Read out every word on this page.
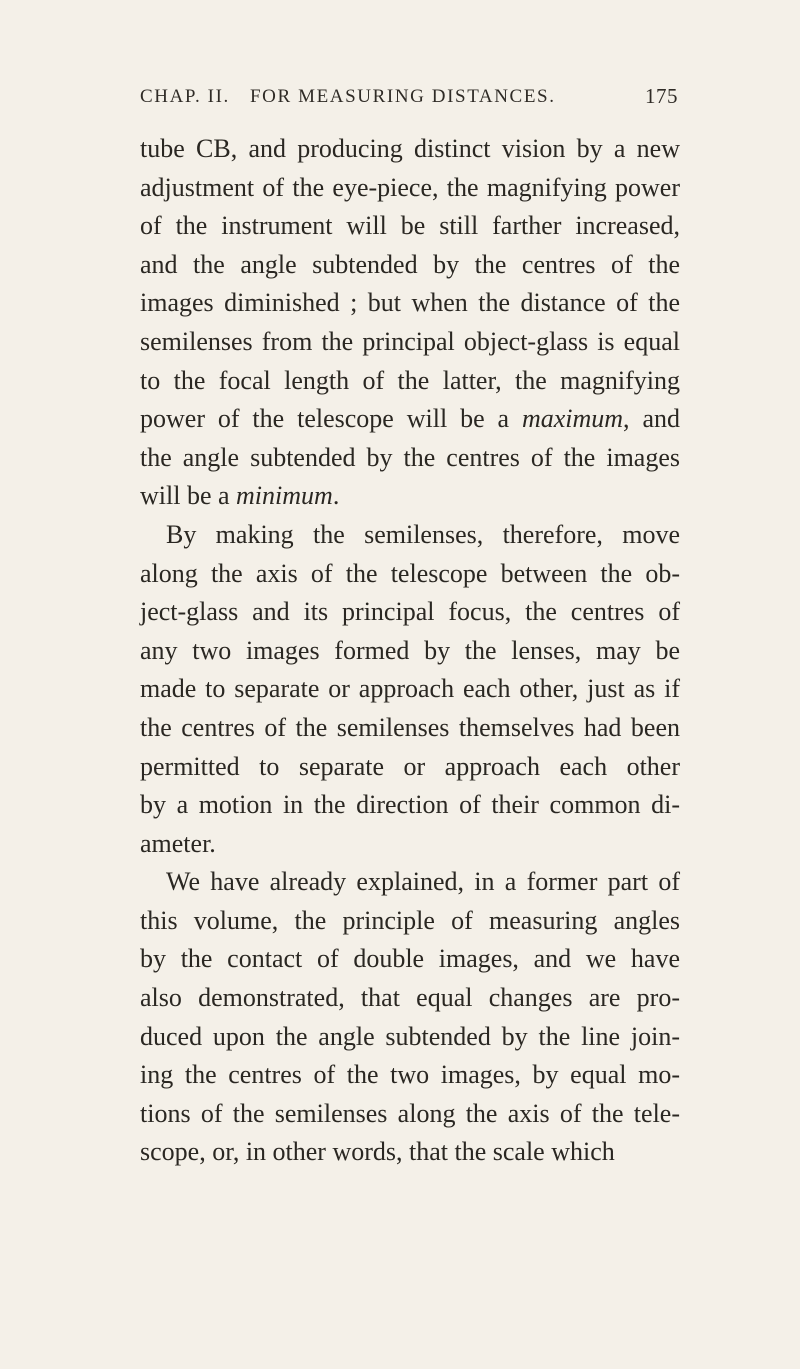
CHAP. II. FOR MEASURING DISTANCES.	175
tube CB, and producing distinct vision by a new
adjustment of the eye-piece, the magnifying power
of the instrument will be still farther increased,
and the angle subtended by the centres of the
images diminished ; but when the distance of the
semilenses from the principal object-glass is equal
to the focal length of the latter, the magnifying
power of the telescope will be a maximum, and
the angle subtended by the centres of the images
will be a minimum.
By making the semilenses, therefore, move
along the axis of the telescope between the ob-
ject-glass and its principal focus, the centres of
any two images formed by the lenses, may be
made to separate or approach each other, just as if
the centres of the semilenses themselves had been
permitted to separate or approach each other
by a motion in the direction of their common di-
ameter.
We have already explained, in a former part of
this volume, the principle of measuring angles
by the contact of double images, and we have
also demonstrated, that equal changes are pro-
duced upon the angle subtended by the line join-
ing the centres of the two images, by equal mo-
tions of the semilenses along the axis of the tele-
scope, or, in other words, that the scale which
